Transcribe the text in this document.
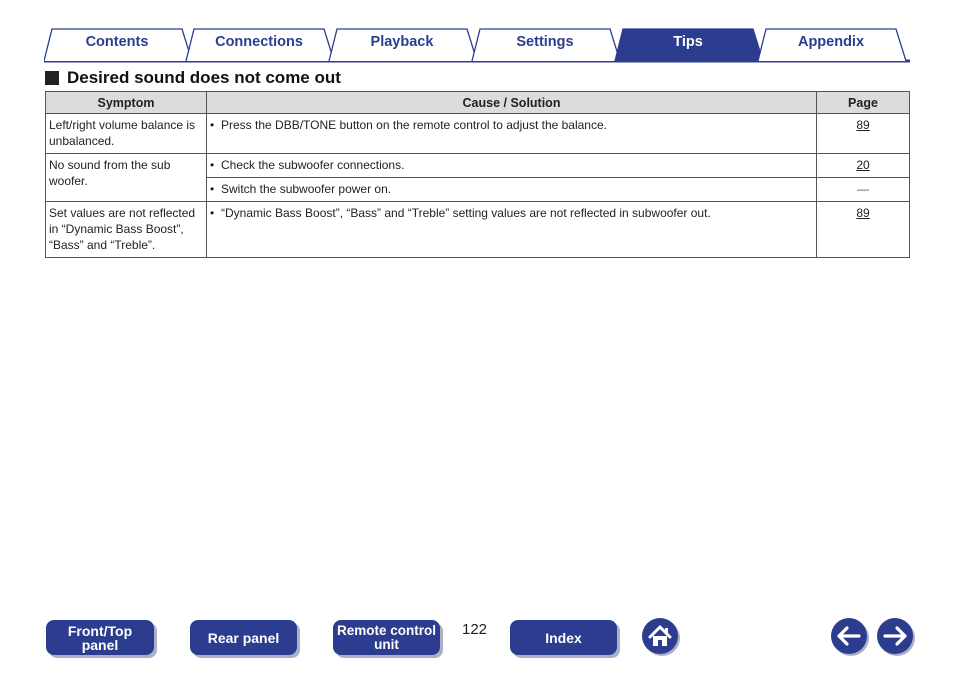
Contents	Connections	Playback	Settings	Tips	Appendix
Desired sound does not come out
Symptom	Cause / Solution	Page
Left/right volume balance is unbalanced.	• Press the DBB/TONE button on the remote control to adjust the balance.	89
No sound from the sub woofer.	• Check the subwoofer connections.	20
	• Switch the subwoofer power on.	—
Set values are not reflected in “Dynamic Bass Boost”, “Bass” and “Treble”.	• “Dynamic Bass Boost”, “Bass” and “Treble” setting values are not reflected in subwoofer out.	89
Front/Top
panel	Rear panel	Remote control
unit
122	Index
